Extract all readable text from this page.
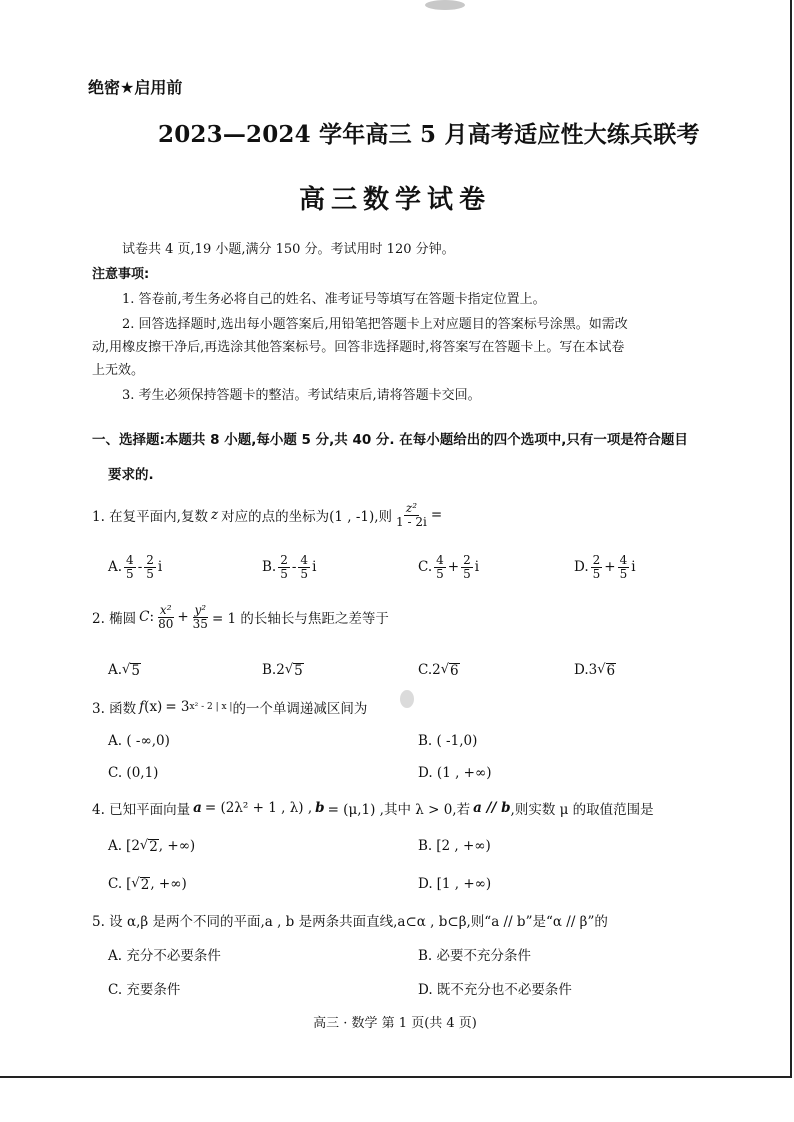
绝密★启用前
2023—2024 学年高三 5 月高考适应性大练兵联考
高三数学试卷
试卷共 4 页,19 小题,满分 150 分。考试用时 120 分钟。
注意事项:
1. 答卷前,考生务必将自己的姓名、准考证号等填写在答题卡指定位置上。
2. 回答选择题时,选出每小题答案后,用铅笔把答题卡上对应题目的答案标号涂黑。如需改
动,用橡皮擦干净后,再选涂其他答案标号。回答非选择题时,将答案写在答题卡上。写在本试卷
上无效。
3. 考生必须保持答题卡的整洁。考试结束后,请将答题卡交回。
一、选择题:本题共 8 小题,每小题 5 分,共 40 分. 在每小题给出的四个选项中,只有一项是符合题目
要求的.
1. 在复平面内,复数 z 对应的点的坐标为(1 , -1),则 $\frac{\text{z²}}{1 - 2i}$ =
A. $\frac{4}{5} - \frac{2}{5}$ i	B. $\frac{2}{5} - \frac{4}{5}$ i	C. $\frac{4}{5} + \frac{2}{5}$ i	D. $\frac{2}{5} + \frac{4}{5}$ i
2. 椭圆 C : $\frac{\text{x²}}{80} + \frac{\text{y²}}{35} = 1$ 的长轴长与焦距之差等于
A. √ 5	B. 2 √ 5	C. 2 √ 6	D. 3 √ 6
3. 函数 f (x) = 3 x² - 2 | x | 的一个单调递减区间为
A. ( -∞,0)	B. ( -1,0)
C. (0,1)	D. (1 , +∞)
4. 已知平面向量 a = (2λ² + 1 , λ) , b = (μ,1) ,其中 λ > 0,若 a // b ,则实数 μ 的取值范围是
A. [2 √ 2 , +∞)	B. [2 , +∞)
C. [ √ 2 , +∞)	D. [1 , +∞)
5. 设 α,β 是两个不同的平面,a , b 是两条共面直线,a⊂α , b⊂β,则“a // b”是“α // β”的
A. 充分不必要条件	B. 必要不充分条件
C. 充要条件	D. 既不充分也不必要条件
高三 · 数学 第 1 页(共 4 页)
